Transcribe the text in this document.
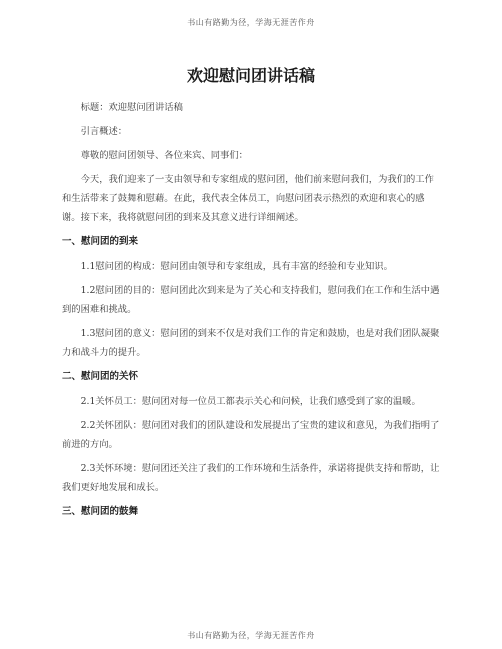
书山有路勤为径，学海无涯苦作舟
欢迎慰问团讲话稿

标题：欢迎慰问团讲话稿

引言概述：

尊敬的慰问团领导、各位来宾、同事们：

今天，我们迎来了一支由领导和专家组成的慰问团，他们前来慰问我们，为我们的工作和生活带来了鼓舞和慰藉。在此，我代表全体员工，向慰问团表示热烈的欢迎和衷心的感谢。接下来，我将就慰问团的到来及其意义进行详细阐述。

一、慰问团的到来

1.1慰问团的构成：慰问团由领导和专家组成，具有丰富的经验和专业知识。

1.2慰问团的目的：慰问团此次到来是为了关心和支持我们，慰问我们在工作和生活中遇到的困难和挑战。

1.3慰问团的意义：慰问团的到来不仅是对我们工作的肯定和鼓励，也是对我们团队凝聚力和战斗力的提升。

二、慰问团的关怀

2.1关怀员工：慰问团对每一位员工都表示关心和问候，让我们感受到了家的温暖。

2.2关怀团队：慰问团对我们的团队建设和发展提出了宝贵的建议和意见，为我们指明了前进的方向。

2.3关怀环境：慰问团还关注了我们的工作环境和生活条件，承诺将提供支持和帮助，让我们更好地发展和成长。

三、慰问团的鼓舞
书山有路勤为径，学海无涯苦作舟
